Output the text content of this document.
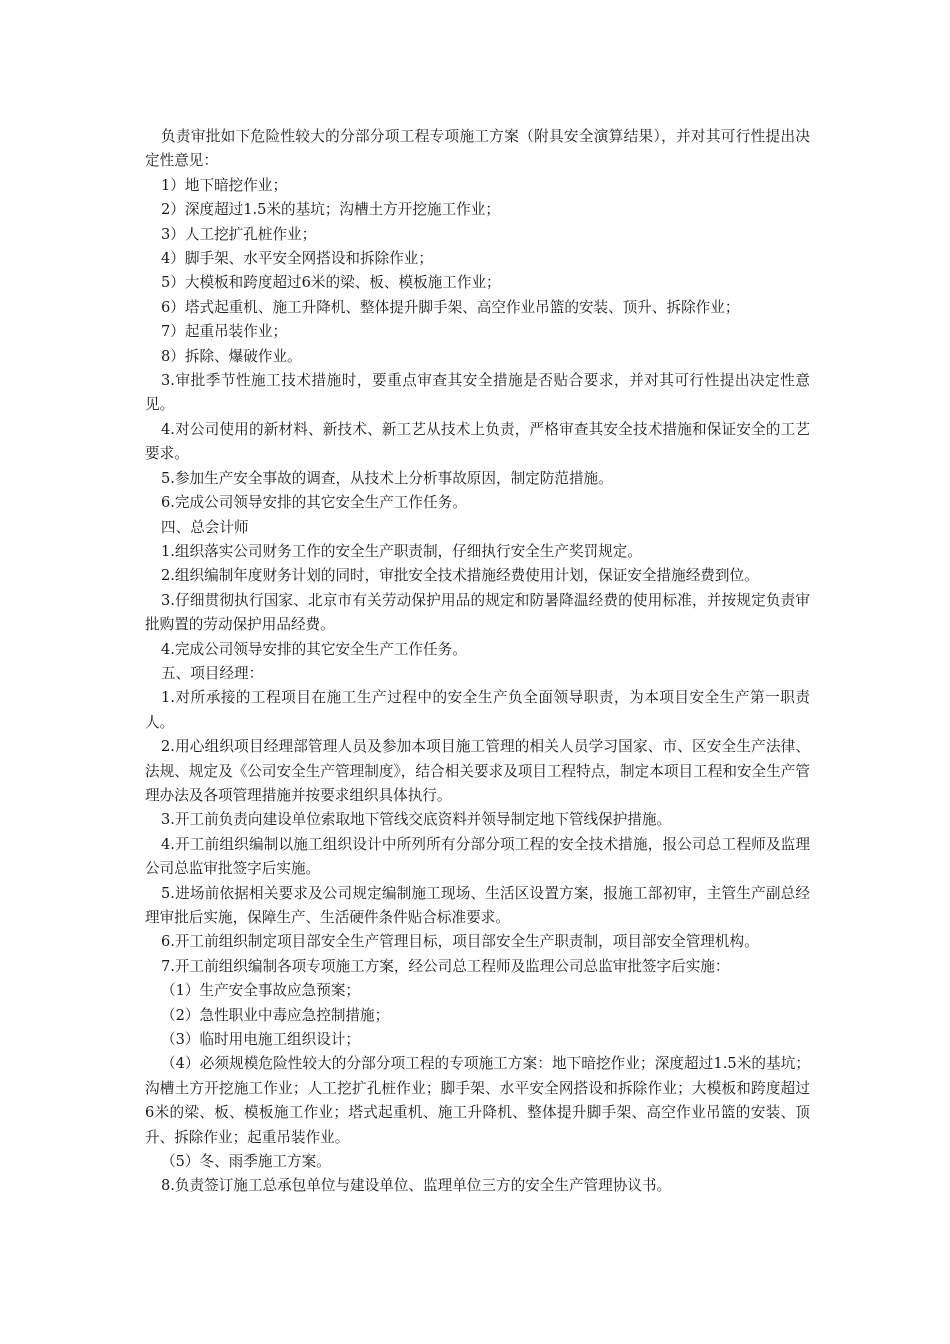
负责审批如下危险性较大的分部分项工程专项施工方案（附具安全演算结果），并对其可行性提出决定性意见：

1）地下暗挖作业；

2）深度超过1.5米的基坑；沟槽土方开挖施工作业；

3）人工挖扩孔桩作业；

4）脚手架、水平安全网搭设和拆除作业；

5）大模板和跨度超过6米的梁、板、模板施工作业；

6）塔式起重机、施工升降机、整体提升脚手架、高空作业吊篮的安装、顶升、拆除作业；

7）起重吊装作业；

8）拆除、爆破作业。

3.审批季节性施工技术措施时，要重点审查其安全措施是否贴合要求，并对其可行性提出决定性意见。

4.对公司使用的新材料、新技术、新工艺从技术上负责，严格审查其安全技术措施和保证安全的工艺要求。

5.参加生产安全事故的调查，从技术上分析事故原因，制定防范措施。

6.完成公司领导安排的其它安全生产工作任务。

四、总会计师

1.组织落实公司财务工作的安全生产职责制，仔细执行安全生产奖罚规定。

2.组织编制年度财务计划的同时，审批安全技术措施经费使用计划，保证安全措施经费到位。

3.仔细贯彻执行国家、北京市有关劳动保护用品的规定和防暑降温经费的使用标准，并按规定负责审批购置的劳动保护用品经费。

4.完成公司领导安排的其它安全生产工作任务。

五、项目经理：

1.对所承接的工程项目在施工生产过程中的安全生产负全面领导职责，为本项目安全生产第一职责人。

2.用心组织项目经理部管理人员及参加本项目施工管理的相关人员学习国家、市、区安全生产法律、法规、规定及《公司安全生产管理制度》，结合相关要求及项目工程特点，制定本项目工程和安全生产管理办法及各项管理措施并按要求组织具体执行。

3.开工前负责向建设单位索取地下管线交底资料并领导制定地下管线保护措施。

4.开工前组织编制以施工组织设计中所列所有分部分项工程的安全技术措施，报公司总工程师及监理公司总监审批签字后实施。

5.进场前依据相关要求及公司规定编制施工现场、生活区设置方案，报施工部初审，主管生产副总经理审批后实施，保障生产、生活硬件条件贴合标准要求。

6.开工前组织制定项目部安全生产管理目标，项目部安全生产职责制，项目部安全管理机构。

7.开工前组织编制各项专项施工方案，经公司总工程师及监理公司总监审批签字后实施：

（1）生产安全事故应急预案；

（2）急性职业中毒应急控制措施；

（3）临时用电施工组织设计；

（4）必须规模危险性较大的分部分项工程的专项施工方案：地下暗挖作业；深度超过1.5米的基坑；沟槽土方开挖施工作业；人工挖扩孔桩作业；脚手架、水平安全网搭设和拆除作业；大模板和跨度超过6米的梁、板、模板施工作业；塔式起重机、施工升降机、整体提升脚手架、高空作业吊篮的安装、顶升、拆除作业；起重吊装作业。

（5）冬、雨季施工方案。

8.负责签订施工总承包单位与建设单位、监理单位三方的安全生产管理协议书。
